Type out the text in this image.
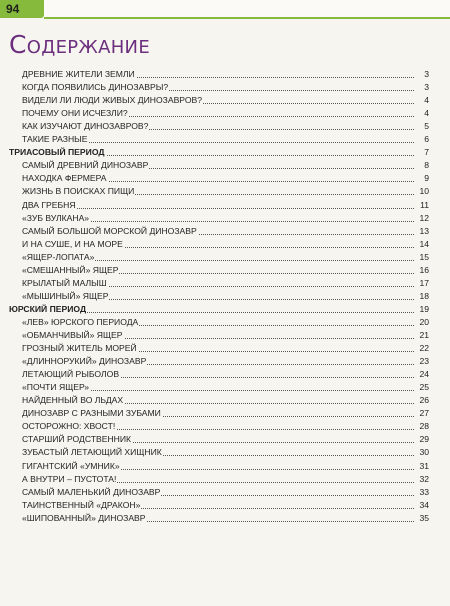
94
Содержание
ДРЕВНИЕ ЖИТЕЛИ ЗЕМЛИ	3
КОГДА ПОЯВИЛИСЬ ДИНОЗАВРЫ?	3
ВИДЕЛИ ЛИ ЛЮДИ ЖИВЫХ ДИНОЗАВРОВ?	4
ПОЧЕМУ ОНИ ИСЧЕЗЛИ?	4
КАК ИЗУЧАЮТ ДИНОЗАВРОВ?	5
ТАКИЕ РАЗНЫЕ	6
ТРИАСОВЫЙ ПЕРИОД	7
САМЫЙ ДРЕВНИЙ ДИНОЗАВР	8
НАХОДКА ФЕРМЕРА	9
ЖИЗНЬ В ПОИСКАХ ПИЩИ	10
ДВА ГРЕБНЯ	11
«ЗУБ ВУЛКАНА»	12
САМЫЙ БОЛЬШОЙ МОРСКОЙ ДИНОЗАВР	13
И НА СУШЕ, И НА МОРЕ	14
«ЯЩЕР-ЛОПАТА»	15
«СМЕШАННЫЙ» ЯЩЕР	16
КРЫЛАТЫЙ МАЛЫШ	17
«МЫШИНЫЙ» ЯЩЕР	18
ЮРСКИЙ ПЕРИОД	19
«ЛЕВ» ЮРСКОГО ПЕРИОДА	20
«ОБМАНЧИВЫЙ» ЯЩЕР	21
ГРОЗНЫЙ ЖИТЕЛЬ МОРЕЙ	22
«ДЛИННОРУКИЙ» ДИНОЗАВР	23
ЛЕТАЮЩИЙ РЫБОЛОВ	24
«ПОЧТИ ЯЩЕР»	25
НАЙДЕННЫЙ ВО ЛЬДАХ	26
ДИНОЗАВР С РАЗНЫМИ ЗУБАМИ	27
ОСТОРОЖНО: ХВОСТ!	28
СТАРШИЙ РОДСТВЕННИК	29
ЗУБАСТЫЙ ЛЕТАЮЩИЙ ХИЩНИК	30
ГИГАНТСКИЙ «УМНИК»	31
А ВНУТРИ – ПУСТОТА!	32
САМЫЙ МАЛЕНЬКИЙ ДИНОЗАВР	33
ТАИНСТВЕННЫЙ «ДРАКОН»	34
«ШИПОВАННЫЙ» ДИНОЗАВР	35
